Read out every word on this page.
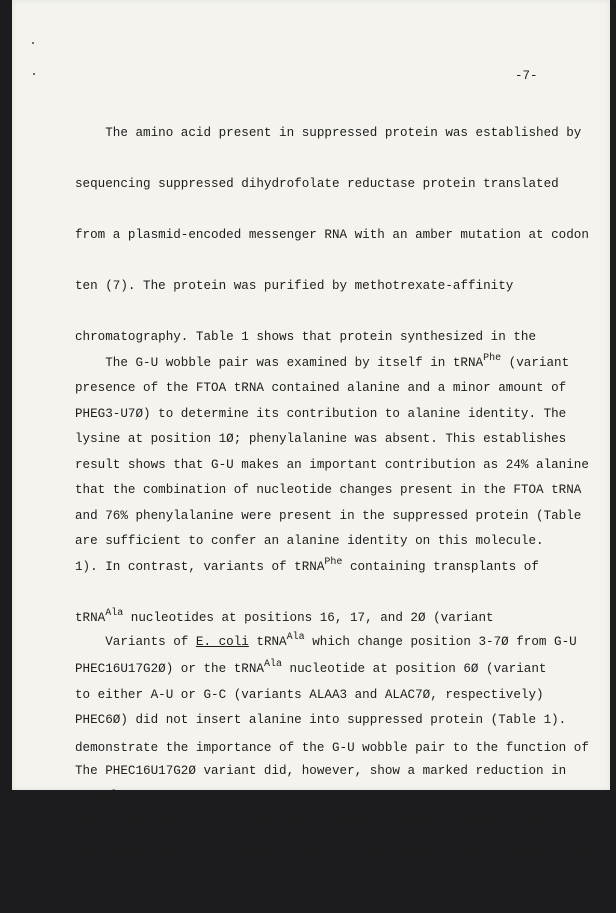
-7-

The amino acid present in suppressed protein was established by

sequencing suppressed dihydrofolate reductase protein translated

from a plasmid-encoded messenger RNA with an amber mutation at codon

ten (7). The protein was purified by methotrexate-affinity

chromatography. Table 1 shows that protein synthesized in the

presence of the FTOA tRNA contained alanine and a minor amount of

lysine at position 1Ø; phenylalanine was absent. This establishes

that the combination of nucleotide changes present in the FTOA tRNA

are sufficient to confer an alanine identity on this molecule.

The G-U wobble pair was examined by itself in tRNA$^{Phe}$ (variant

PHEG3-U7Ø) to determine its contribution to alanine identity. The

result shows that G-U makes an important contribution as 24% alanine

and 76% phenylalanine were present in the suppressed protein (Table

1). In contrast, variants of tRNA$^{Phe}$ containing transplants of

tRNA$^{Ala}$ nucleotides at positions 16, 17, and 2Ø (variant

PHEC16U17G2Ø) or the tRNA$^{Ala}$ nucleotide at position 6Ø (variant

PHEC6Ø) did not insert alanine into suppressed protein (Table 1).

The PHEC16U17G2Ø variant did, however, show a marked reduction in

suppressor gene efficiency and a dramatic change in amino acid

identity (Table 1).

Variants of E. coli tRNA$^{Ala}$ which change position 3-7Ø from G-U

to either A-U or G-C (variants ALAA3 and ALAC7Ø, respectively)

demonstrate the importance of the G-U wobble pair to the function of

tRNA$^{Ala}$. Both of these variants showed a marked reduction in

suppressor gene efficiency (Table 1), even though tRNA synthesis was
